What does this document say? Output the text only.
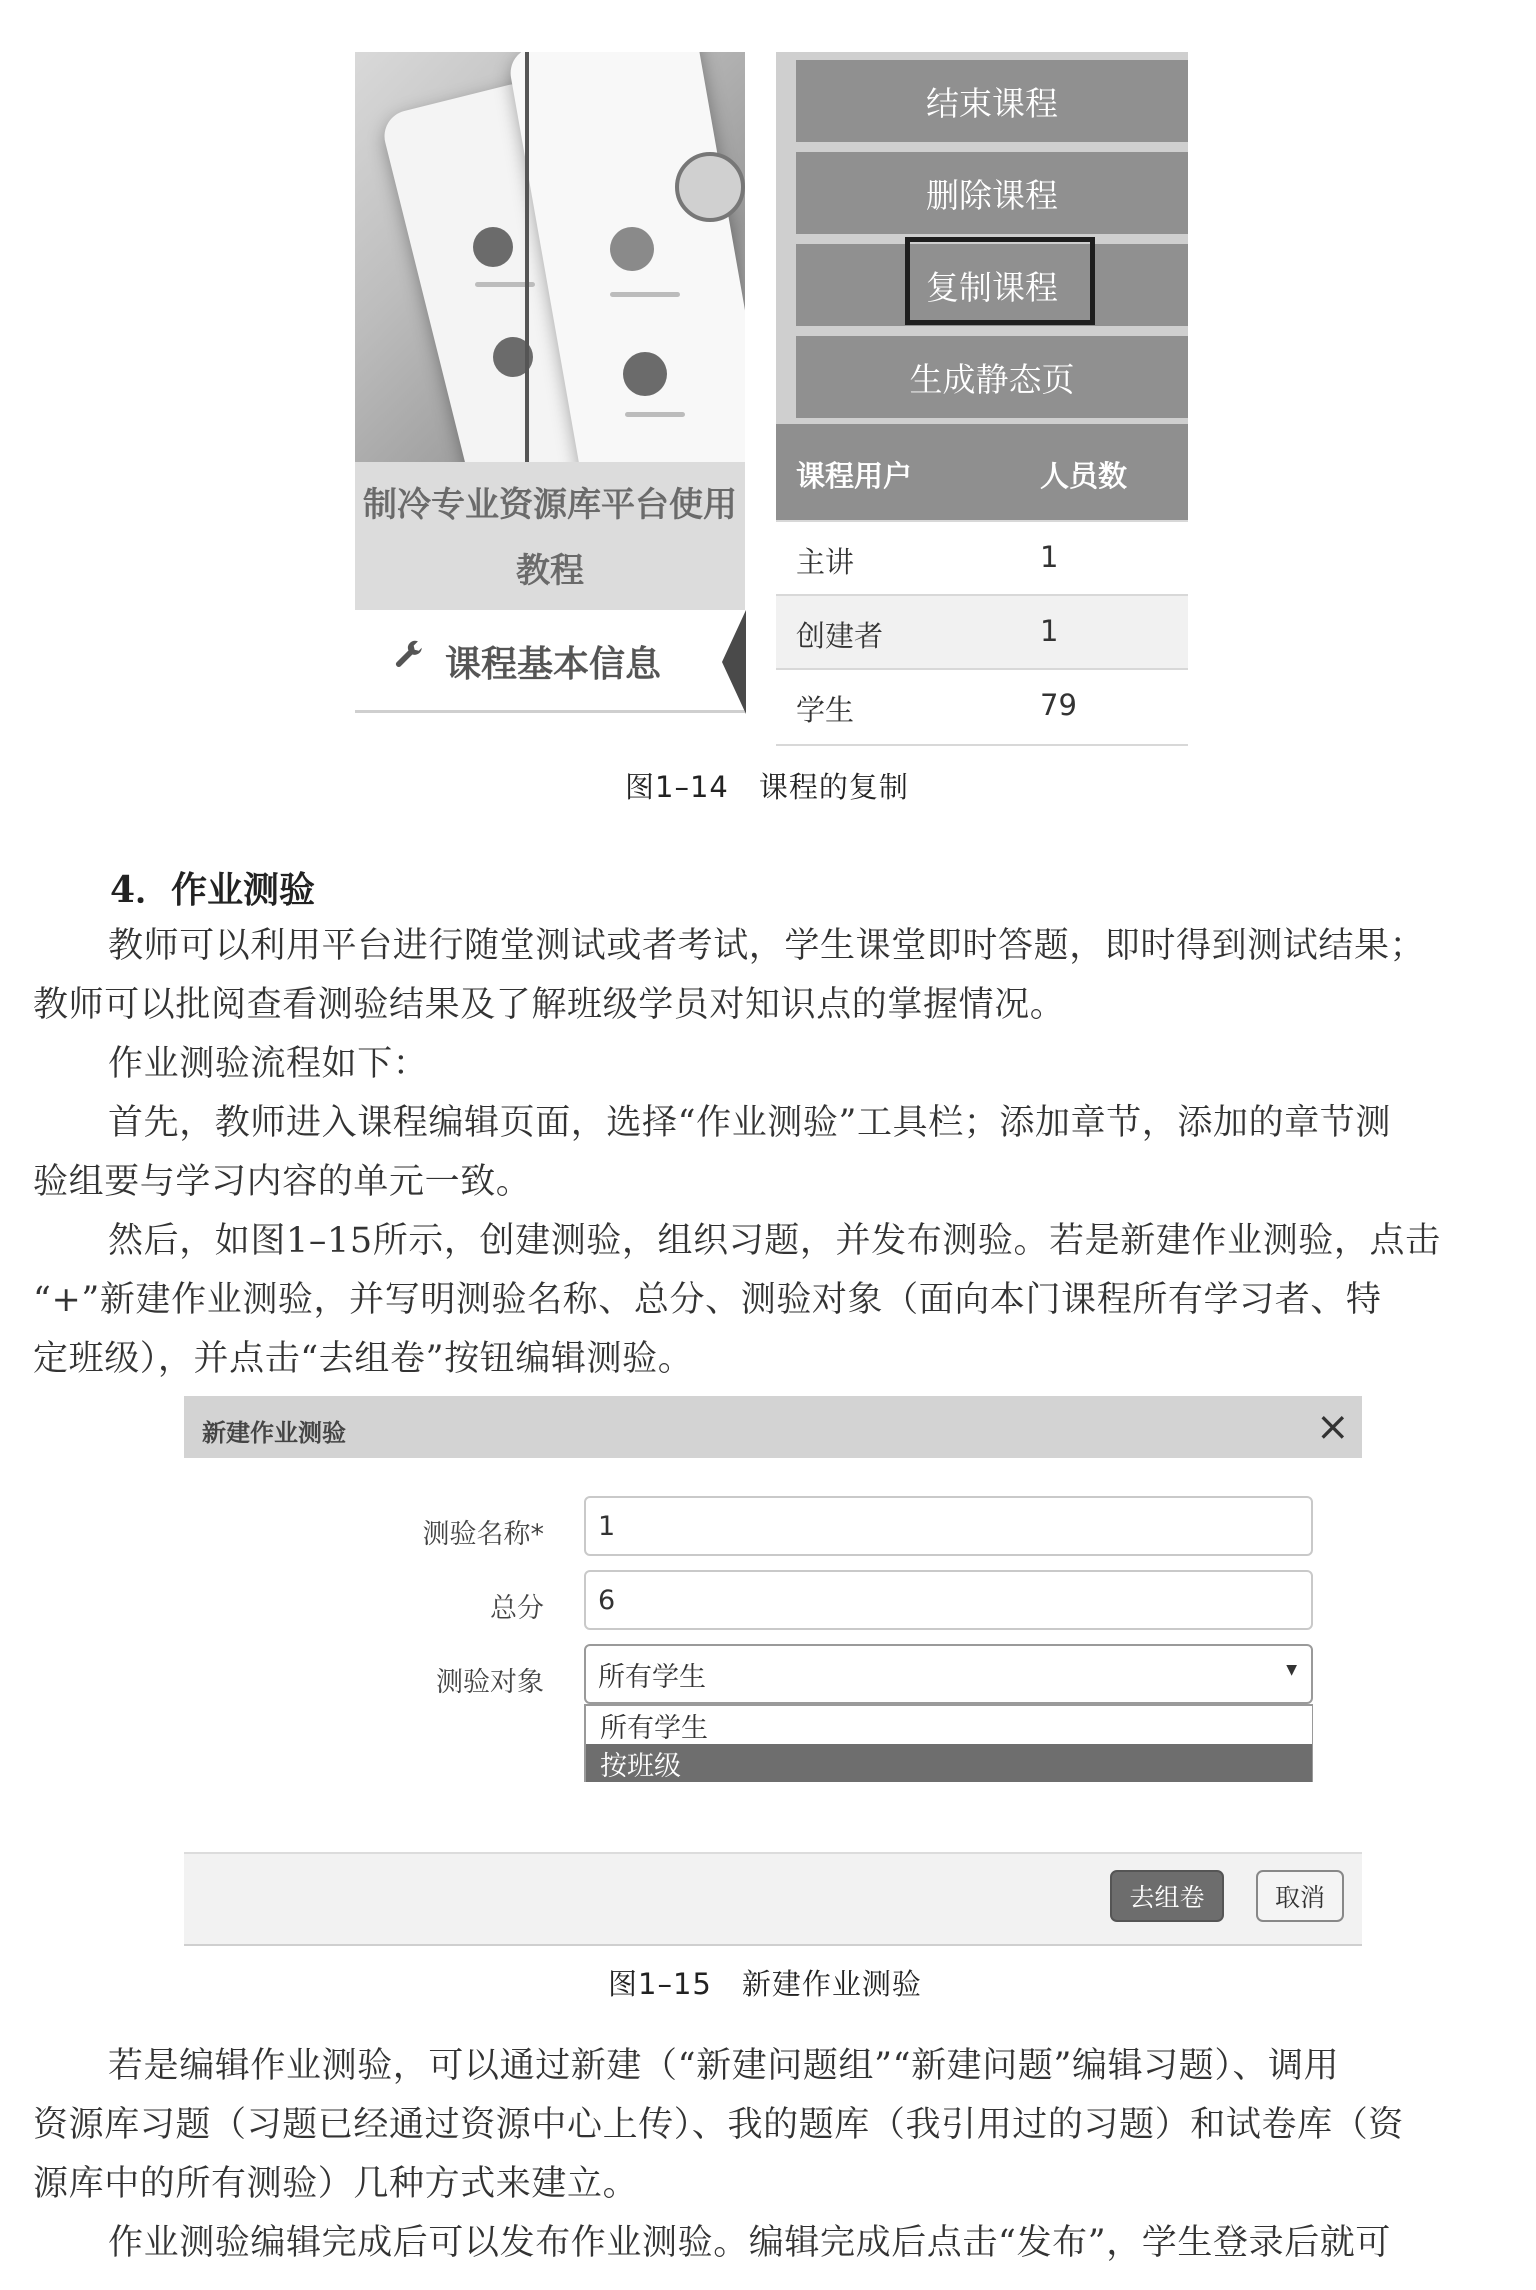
制冷专业资源库平台使用
教程
课程基本信息
结束课程
删除课程
复制课程
生成静态页
课程用户	人员数
主讲	1
创建者	1
学生	79
图1–14　课程的复制
4．作业测验
教师可以利用平台进行随堂测试或者考试，学生课堂即时答题，即时得到测试结果；
教师可以批阅查看测验结果及了解班级学员对知识点的掌握情况。
作业测验流程如下：
首先，教师进入课程编辑页面，选择“作业测验”工具栏；添加章节，添加的章节测
验组要与学习内容的单元一致。
然后，如图1–15所示，创建测验，组织习题，并发布测验。若是新建作业测验，点击
“+”新建作业测验，并写明测验名称、总分、测验对象（面向本门课程所有学习者、特
定班级），并点击“去组卷”按钮编辑测验。
新建作业测验	×
测验名称*	1
总分	6
测验对象 所有学生	▼
所有学生
按班级
去组卷	取消
图1–15　新建作业测验
若是编辑作业测验，可以通过新建（“新建问题组”“新建问题”编辑习题）、调用
资源库习题（习题已经通过资源中心上传）、我的题库（我引用过的习题）和试卷库（资
源库中的所有测验）几种方式来建立。
作业测验编辑完成后可以发布作业测验。编辑完成后点击“发布”，学生登录后就可
